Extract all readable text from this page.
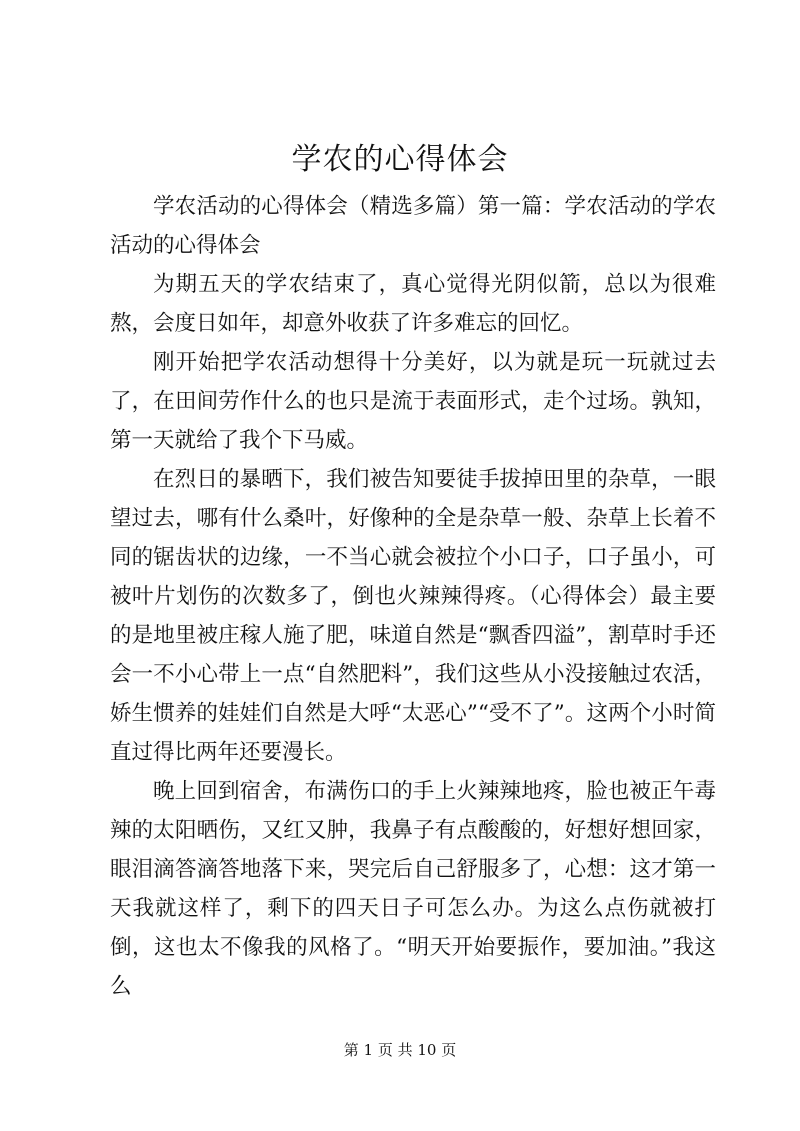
学农的心得体会

学农活动的心得体会（精选多篇）第一篇：学农活动的学农活动的心得体会

为期五天的学农结束了，真心觉得光阴似箭，总以为很难熬，会度日如年，却意外收获了许多难忘的回忆。

刚开始把学农活动想得十分美好，以为就是玩一玩就过去了，在田间劳作什么的也只是流于表面形式，走个过场。孰知，第一天就给了我个下马威。

在烈日的暴晒下，我们被告知要徒手拔掉田里的杂草，一眼望过去，哪有什么桑叶，好像种的全是杂草一般、杂草上长着不同的锯齿状的边缘，一不当心就会被拉个小口子，口子虽小，可被叶片划伤的次数多了，倒也火辣辣得疼。（心得体会）最主要的是地里被庄稼人施了肥，味道自然是“飘香四溢”，割草时手还会一不小心带上一点“自然肥料”，我们这些从小没接触过农活，娇生惯养的娃娃们自然是大呼“太恶心”“受不了”。这两个小时简直过得比两年还要漫长。

晚上回到宿舍，布满伤口的手上火辣辣地疼，脸也被正午毒辣的太阳晒伤，又红又肿，我鼻子有点酸酸的，好想好想回家，眼泪滴答滴答地落下来，哭完后自己舒服多了，心想：这才第一天我就这样了，剩下的四天日子可怎么办。为这么点伤就被打倒，这也太不像我的风格了。“明天开始要振作，要加油。”我这么

第 1 页 共 10 页
